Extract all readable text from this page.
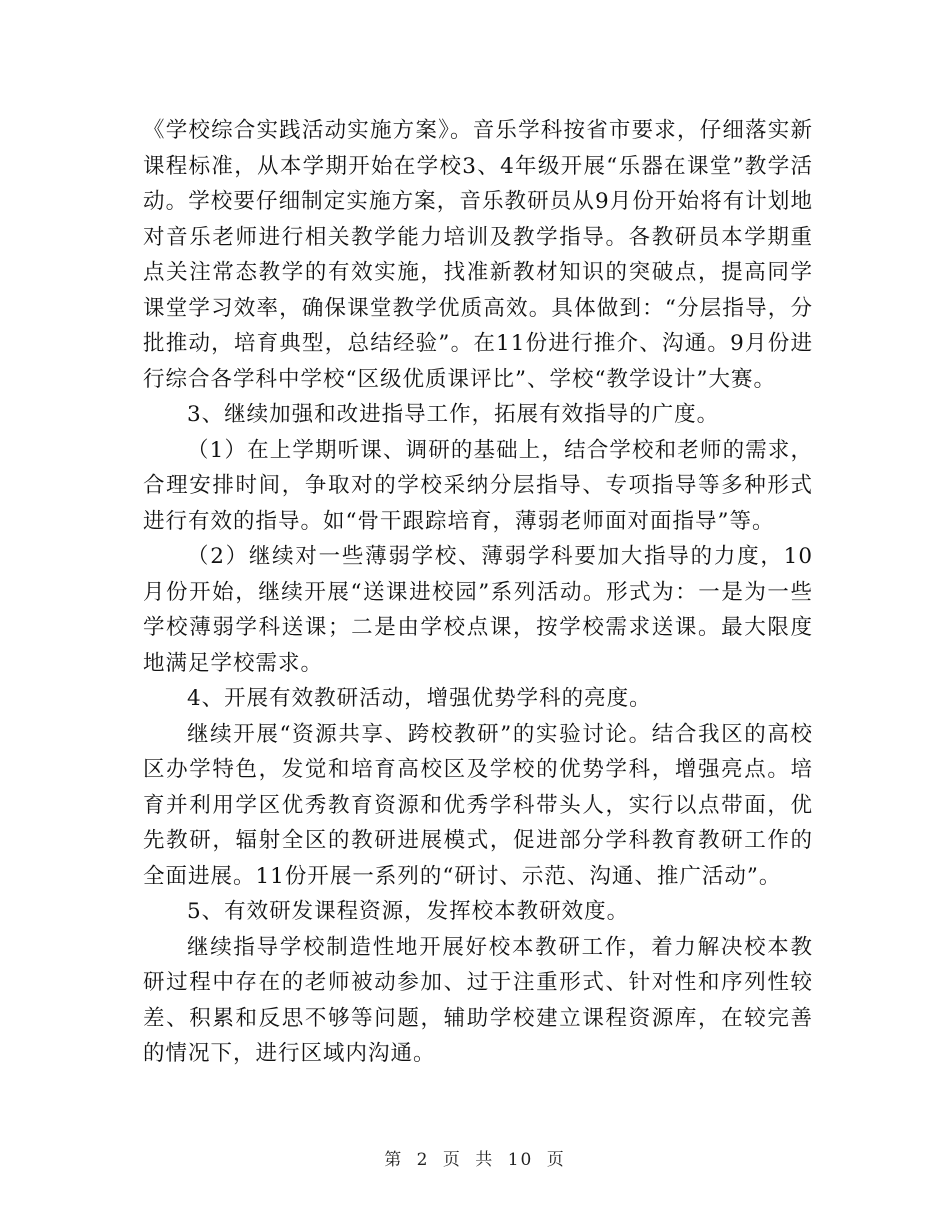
《学校综合实践活动实施方案》。音乐学科按省市要求，仔细落实新课程标准，从本学期开始在学校3、4年级开展“乐器在课堂”教学活动。学校要仔细制定实施方案，音乐教研员从9月份开始将有计划地对音乐老师进行相关教学能力培训及教学指导。各教研员本学期重点关注常态教学的有效实施，找准新教材知识的突破点，提高同学课堂学习效率，确保课堂教学优质高效。具体做到：“分层指导，分批推动，培育典型，总结经验”。在11份进行推介、沟通。9月份进行综合各学科中学校“区级优质课评比”、学校“教学设计”大赛。

3、继续加强和改进指导工作，拓展有效指导的广度。

（1）在上学期听课、调研的基础上，结合学校和老师的需求，合理安排时间，争取对的学校采纳分层指导、专项指导等多种形式进行有效的指导。如“骨干跟踪培育，薄弱老师面对面指导”等。

（2）继续对一些薄弱学校、薄弱学科要加大指导的力度，10月份开始，继续开展“送课进校园”系列活动。形式为：一是为一些学校薄弱学科送课；二是由学校点课，按学校需求送课。最大限度地满足学校需求。

4、开展有效教研活动，增强优势学科的亮度。

继续开展“资源共享、跨校教研”的实验讨论。结合我区的高校区办学特色，发觉和培育高校区及学校的优势学科，增强亮点。培育并利用学区优秀教育资源和优秀学科带头人，实行以点带面，优先教研，辐射全区的教研进展模式，促进部分学科教育教研工作的全面进展。11份开展一系列的“研讨、示范、沟通、推广活动”。

5、有效研发课程资源，发挥校本教研效度。

继续指导学校制造性地开展好校本教研工作，着力解决校本教研过程中存在的老师被动参加、过于注重形式、针对性和序列性较差、积累和反思不够等问题，辅助学校建立课程资源库，在较完善的情况下，进行区域内沟通。

第 2 页 共 10 页
